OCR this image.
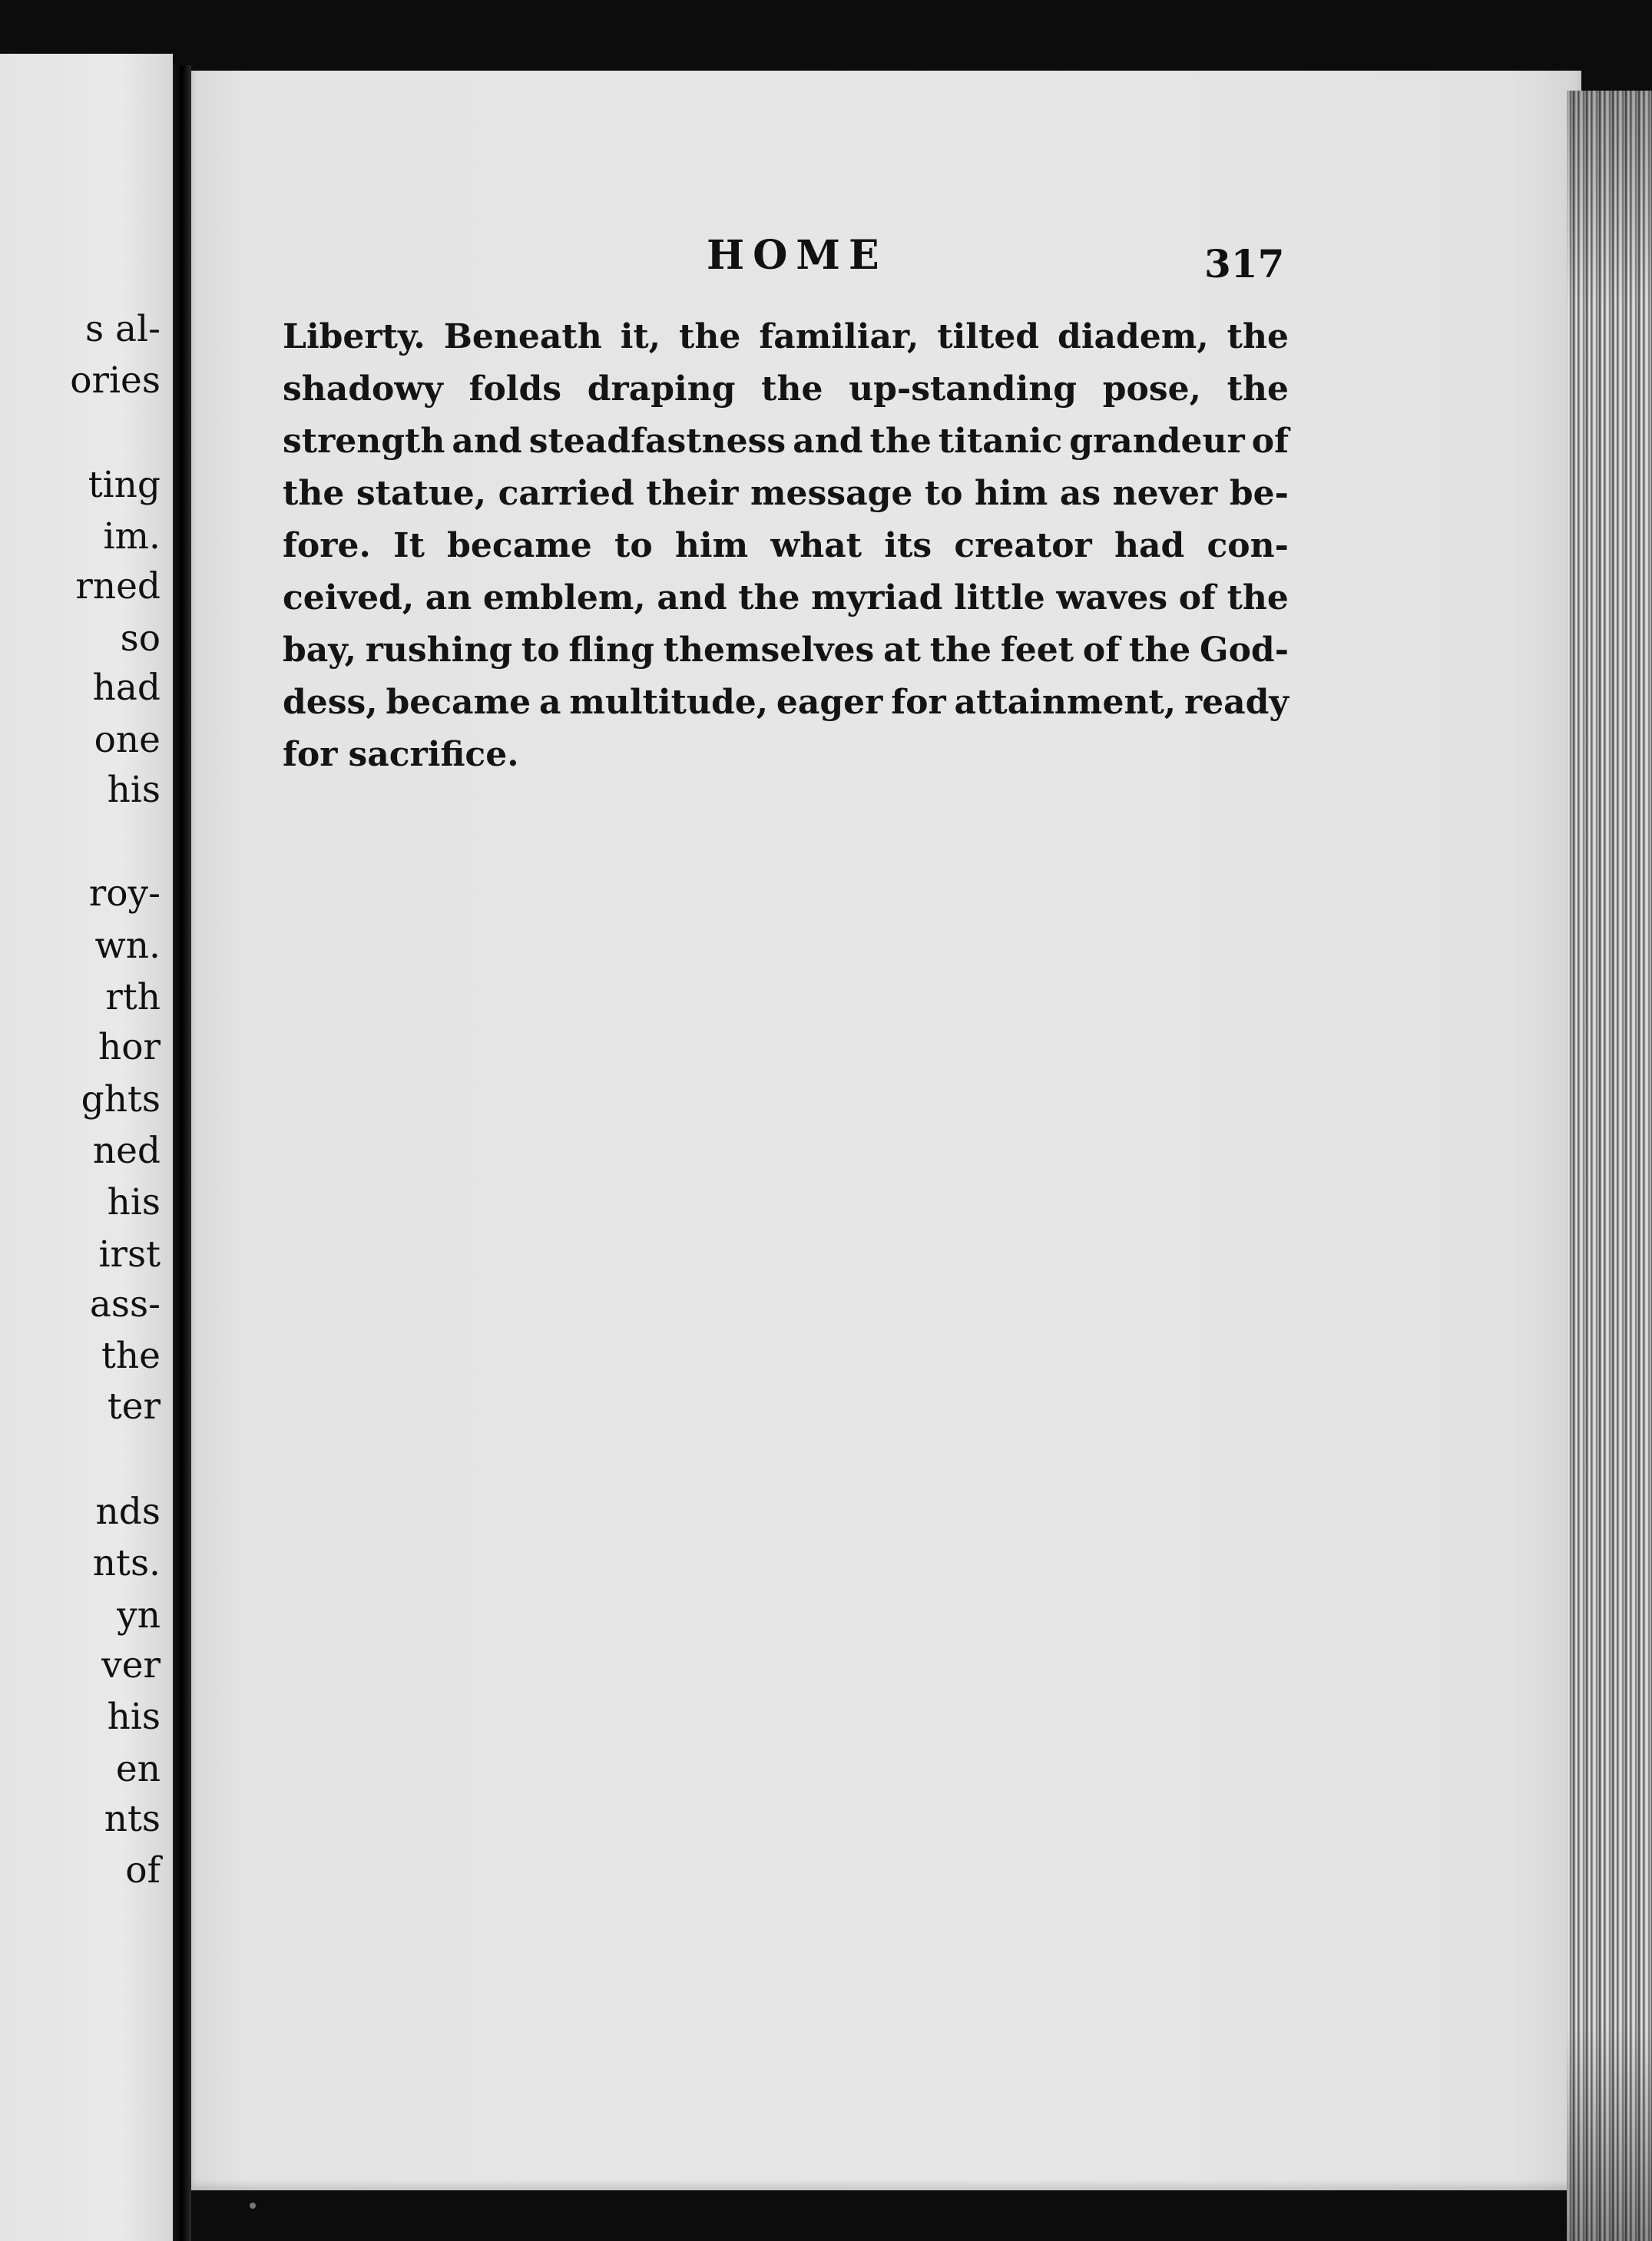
s al-
ories
ting
im.
rned
so
had
one
his
roy-
wn.
rth
hor
ghts
ned
his
irst
ass-
the
ter
nds
nts.
yn
ver
his
en
nts
of
HOME	317
Liberty. Beneath it, the familiar, tilted diadem, the
shadowy folds draping the up-standing pose, the
strength and steadfastness and the titanic grandeur of
the statue, carried their message to him as never be-
fore. It became to him what its creator had con-
ceived, an emblem, and the myriad little waves of the
bay, rushing to fling themselves at the feet of the God-
dess, became a multitude, eager for attainment, ready
for sacrifice.
